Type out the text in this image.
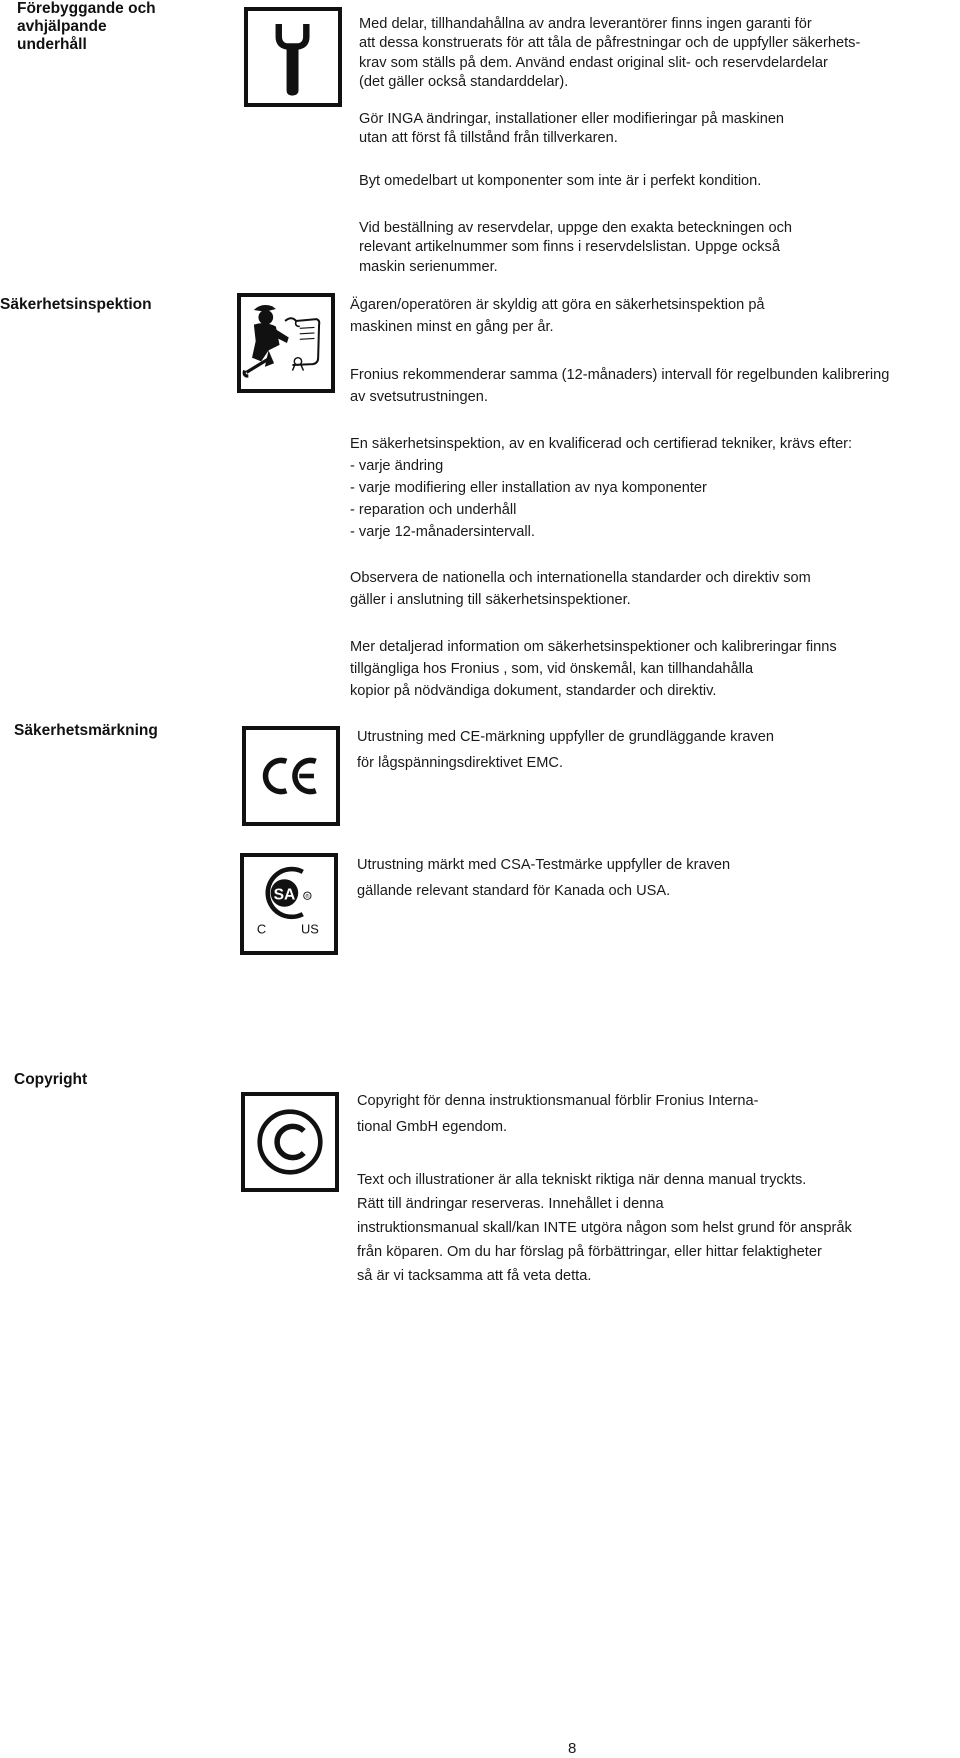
Förebyggande och
avhjälpande
underhåll
Med delar, tillhandahållna av andra leverantörer finns ingen garanti för
att dessa konstruerats för att tåla de påfrestningar och de uppfyller säkerhets-
krav som ställs på dem. Använd endast original slit- och reservdelardelar
(det gäller också standarddelar).
Gör INGA ändringar, installationer eller modifieringar på maskinen
utan att först få tillstånd från tillverkaren.
Byt omedelbart ut komponenter som inte är i perfekt kondition.
Vid beställning av reservdelar, uppge den exakta beteckningen och
relevant artikelnummer som finns i reservdelslistan. Uppge också
maskin serienummer.
Säkerhetsinspektion	Ägaren/operatören är skyldig att göra en säkerhetsinspektion på
maskinen minst en gång per år.
Fronius rekommenderar samma (12-månaders) intervall för regelbunden kalibrering
av svetsutrustningen.
En säkerhetsinspektion, av en kvalificerad och certifierad tekniker, krävs efter:
- varje ändring
- varje modifiering eller installation av nya komponenter
- reparation och underhåll
- varje 12-månadersintervall.
Observera de nationella och internationella standarder och direktiv som
gäller i anslutning till säkerhetsinspektioner.
Mer detaljerad information om säkerhetsinspektioner och kalibreringar finns
tillgängliga hos Fronius , som, vid önskemål, kan tillhandahålla
kopior på nödvändiga dokument, standarder och direktiv.
Säkerhetsmärkning	Utrustning med CE-märkning uppfyller de grundläggande kraven
för lågspänningsdirektivet EMC.
SA ®
C US
Utrustning märkt med CSA-Testmärke uppfyller de kraven
gällande relevant standard för Kanada och USA.
Copyright
Copyright för denna instruktionsmanual förblir Fronius Interna-
tional GmbH egendom.
Text och illustrationer är alla tekniskt riktiga när denna manual tryckts.
Rätt till ändringar reserveras. Innehållet i denna
instruktionsmanual skall/kan INTE utgöra någon som helst grund för anspråk
från köparen. Om du har förslag på förbättringar, eller hittar felaktigheter
så är vi tacksamma att få veta detta.
8
